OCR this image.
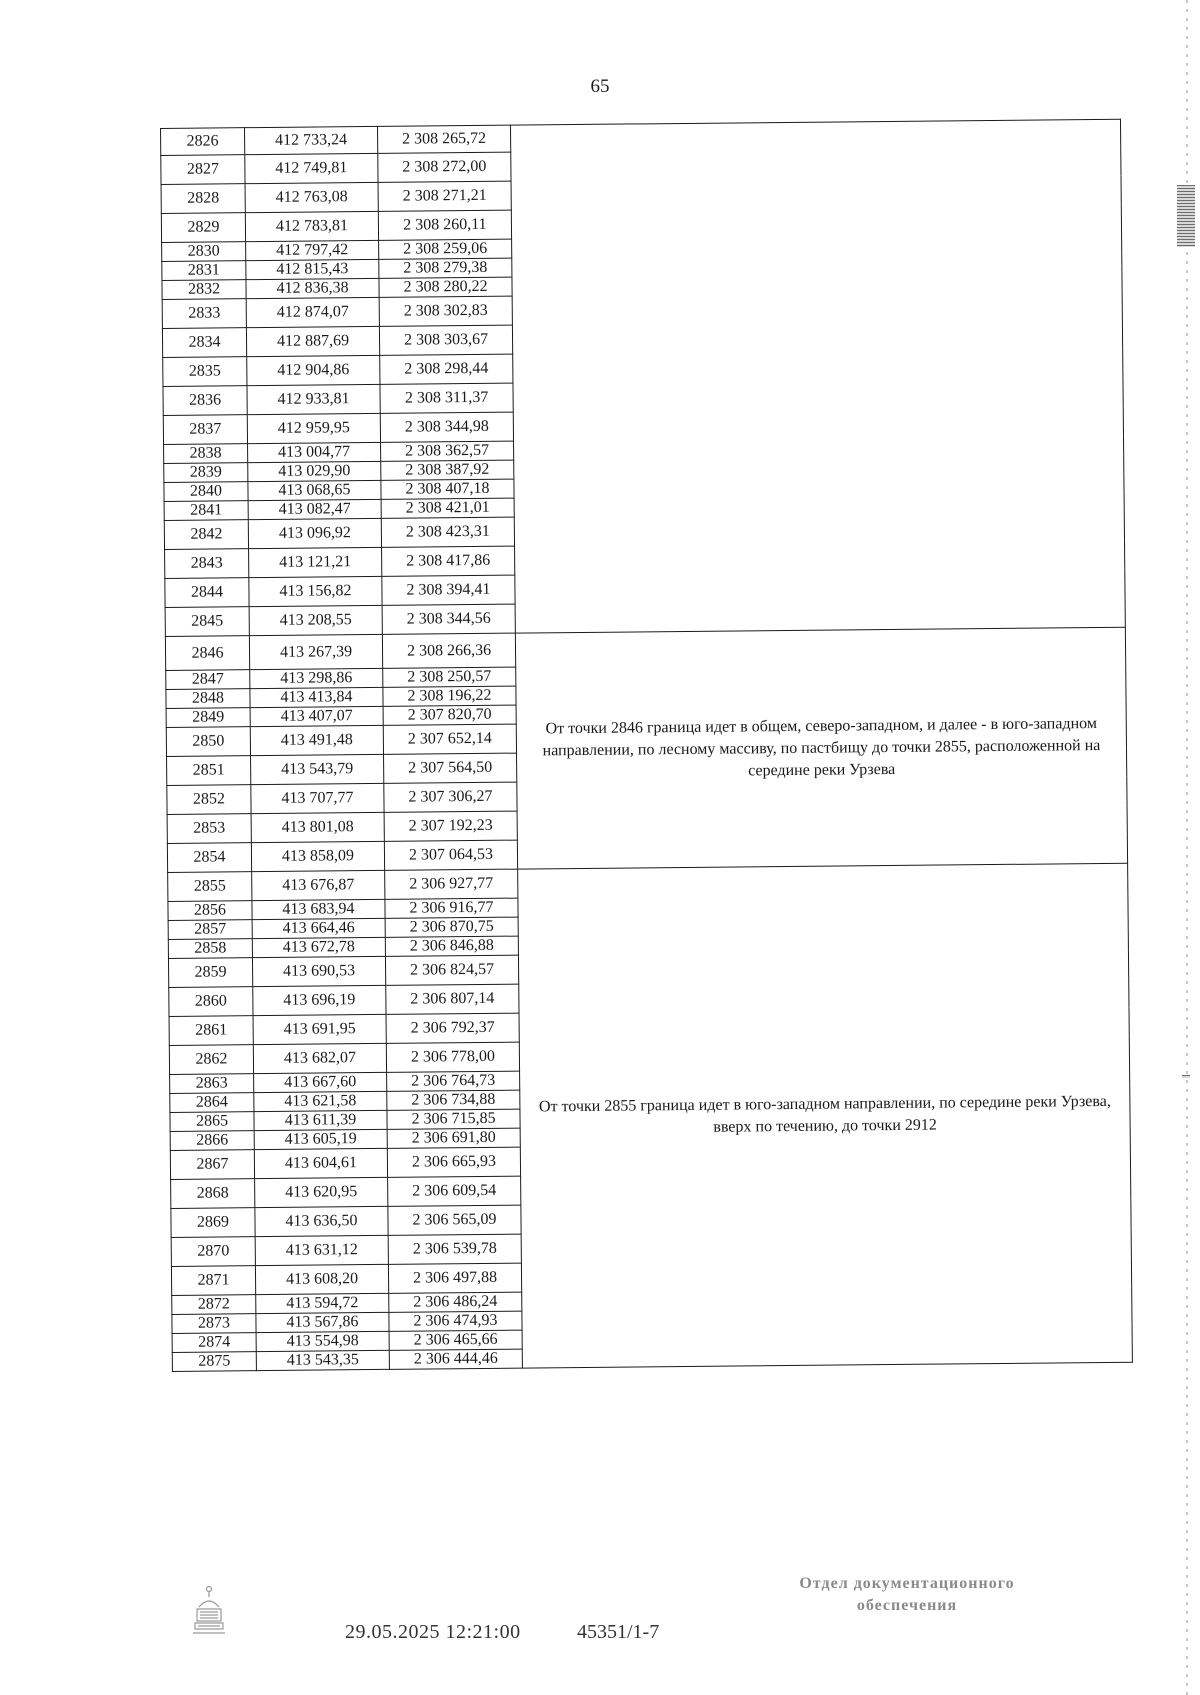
65
2826	412 733,24	2 308 265,72	

2827	412 749,81	2 308 272,00	
2828	412 763,08	2 308 271,21	
2829	412 783,81	2 308 260,11	
2830	412 797,42	2 308 259,06	
2831	412 815,43	2 308 279,38	
2832	412 836,38	2 308 280,22	
2833	412 874,07	2 308 302,83	
2834	412 887,69	2 308 303,67	
2835	412 904,86	2 308 298,44	
2836	412 933,81	2 308 311,37	
2837	412 959,95	2 308 344,98	
2838	413 004,77	2 308 362,57	
2839	413 029,90	2 308 387,92	
2840	413 068,65	2 308 407,18	
2841	413 082,47	2 308 421,01	
2842	413 096,92	2 308 423,31	
2843	413 121,21	2 308 417,86	
2844	413 156,82	2 308 394,41	
2845	413 208,55	2 308 344,56	
2846	413 267,39	2 308 266,36	От точки 2846 граница идет в общем, северо-западном, и далее - в юго-западном направлении, по лесному массиву, по пастбищу до точки 2855, расположенной на середине реки Урзева

2847	413 298,86	2 308 250,57	
2848	413 413,84	2 308 196,22	
2849	413 407,07	2 307 820,70	
2850	413 491,48	2 307 652,14	
2851	413 543,79	2 307 564,50	
2852	413 707,77	2 307 306,27	
2853	413 801,08	2 307 192,23	
2854	413 858,09	2 307 064,53	
2855	413 676,87	2 306 927,77	От точки 2855 граница идет в юго-западном направлении, по середине реки Урзева, вверх по течению, до точки 2912

2856	413 683,94	2 306 916,77	
2857	413 664,46	2 306 870,75	
2858	413 672,78	2 306 846,88	
2859	413 690,53	2 306 824,57	
2860	413 696,19	2 306 807,14	
2861	413 691,95	2 306 792,37	
2862	413 682,07	2 306 778,00	
2863	413 667,60	2 306 764,73	
2864	413 621,58	2 306 734,88	
2865	413 611,39	2 306 715,85	
2866	413 605,19	2 306 691,80	
2867	413 604,61	2 306 665,93	
2868	413 620,95	2 306 609,54	
2869	413 636,50	2 306 565,09	
2870	413 631,12	2 306 539,78	
2871	413 608,20	2 306 497,88	
2872	413 594,72	2 306 486,24	
2873	413 567,86	2 306 474,93	
2874	413 554,98	2 306 465,66	
2875	413 543,35	2 306 444,46	
29.05.2025 12:21:00	45351/1-7
Отдел документационного
обеспечения
